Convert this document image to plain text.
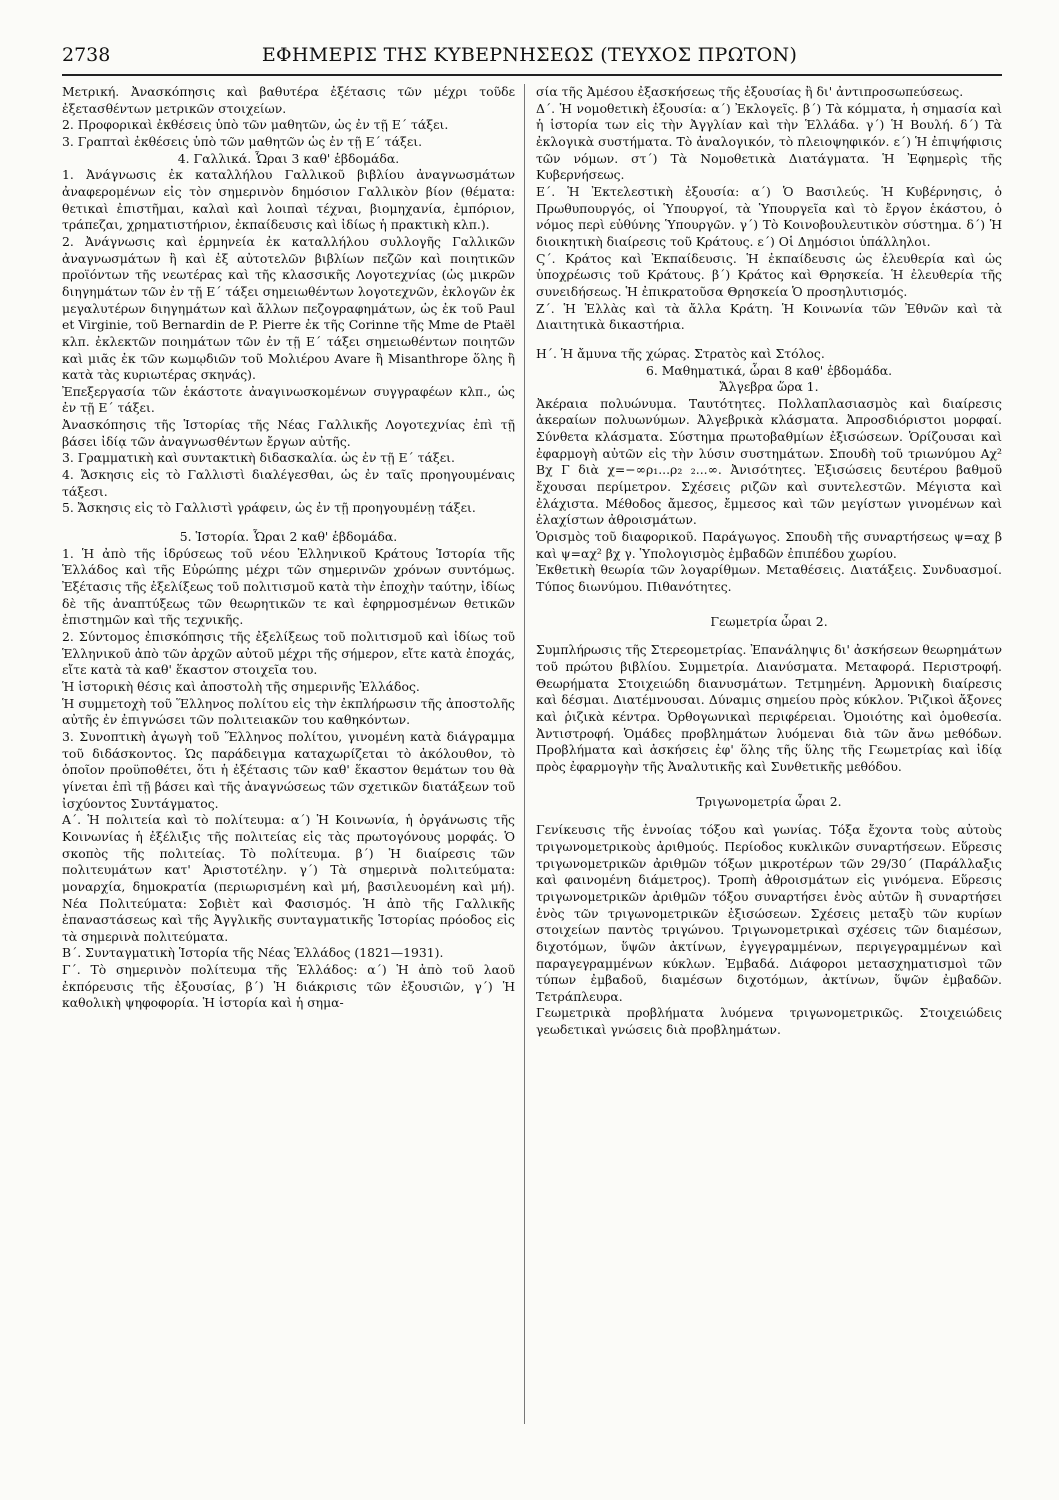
2738	ΕΦΗΜΕΡΙΣ ΤΗΣ ΚΥΒΕΡΝΗΣΕΩΣ (ΤΕΥΧΟΣ ΠΡΩΤΟΝ)

Μετρική. Ἀνασκόπησις καὶ βαθυτέρα ἐξέτασις τῶν μέχρι τοῦδε ἐξετασθέντων μετρικῶν στοιχείων.

2. Προφορικαὶ ἐκθέσεις ὑπὸ τῶν μαθητῶν, ὡς ἐν τῇ Ε΄ τάξει.

3. Γραπταὶ ἐκθέσεις ὑπὸ τῶν μαθητῶν ὡς ἐν τῇ Ε΄ τάξει.

4. Γαλλικά. Ὧραι 3 καθ' ἑβδομάδα.

1. Ἀνάγνωσις ἐκ καταλλήλου Γαλλικοῦ βιβλίου ἀναγνωσμάτων ἀναφερομένων εἰς τὸν σημερινὸν δημόσιον Γαλλικὸν βίον (θέματα: θετικαὶ ἐπιστῆμαι, καλαὶ καὶ λοιπαὶ τέχναι, βιομηχανία, ἐμπόριον, τράπεζαι, χρηματιστήριον, ἐκπαίδευσις καὶ ἰδίως ἡ πρακτικὴ κλπ.).

2. Ἀνάγνωσις καὶ ἑρμηνεία ἐκ καταλλήλου συλλογῆς Γαλλικῶν ἀναγνωσμάτων ἢ καὶ ἐξ αὐτοτελῶν βιβλίων πεζῶν καὶ ποιητικῶν προϊόντων τῆς νεωτέρας καὶ τῆς κλασσικῆς Λογοτεχνίας (ὡς μικρῶν διηγημάτων τῶν ἐν τῇ Ε΄ τάξει σημειωθέντων λογοτεχνῶν, ἐκλογῶν ἐκ μεγαλυτέρων διηγημάτων καὶ ἄλλων πεζογραφημάτων, ὡς ἐκ τοῦ Paul et Virginie, τοῦ Bernardin de P. Pierre ἐκ τῆς Corinne τῆς Mme de Ptaël κλπ. ἐκλεκτῶν ποιημάτων τῶν ἐν τῇ Ε΄ τάξει σημειωθέντων ποιητῶν καὶ μιᾶς ἐκ τῶν κωμῳδιῶν τοῦ Μολιέρου Avare ἢ Misanthrope ὅλης ἢ κατὰ τὰς κυριωτέρας σκηνάς).

Ἐπεξεργασία τῶν ἑκάστοτε ἀναγινωσκομένων συγγραφέων κλπ., ὡς ἐν τῇ Ε΄ τάξει.

Ἀνασκόπησις τῆς Ἱστορίας τῆς Νέας Γαλλικῆς Λογοτεχνίας ἐπὶ τῇ βάσει ἰδίᾳ τῶν ἀναγνωσθέντων ἔργων αὐτῆς.

3. Γραμματικὴ καὶ συντακτικὴ διδασκαλία. ὡς ἐν τῇ Ε΄ τάξει.

4. Ἄσκησις εἰς τὸ Γαλλιστὶ διαλέγεσθαι, ὡς ἐν ταῖς προηγουμέναις τάξεσι.

5. Ἄσκησις εἰς τὸ Γαλλιστὶ γράφειν, ὡς ἐν τῇ προηγουμένῃ τάξει.

5. Ἱστορία. Ὧραι 2 καθ' ἑβδομάδα.

1. Ἡ ἀπὸ τῆς ἱδρύσεως τοῦ νέου Ἑλληνικοῦ Κράτους Ἱστορία τῆς Ἑλλάδος καὶ τῆς Εὐρώπης μέχρι τῶν σημερινῶν χρόνων συντόμως. Ἐξέτασις τῆς ἐξελίξεως τοῦ πολιτισμοῦ κατὰ τὴν ἐποχὴν ταύτην, ἰδίως δὲ τῆς ἀναπτύξεως τῶν θεωρητικῶν τε καὶ ἐφηρμοσμένων θετικῶν ἐπιστημῶν καὶ τῆς τεχνικῆς.

2. Σύντομος ἐπισκόπησις τῆς ἐξελίξεως τοῦ πολιτισμοῦ καὶ ἰδίως τοῦ Ἑλληνικοῦ ἀπὸ τῶν ἀρχῶν αὐτοῦ μέχρι τῆς σήμερον, εἴτε κατὰ ἐποχάς, εἴτε κατὰ τὰ καθ' ἕκαστον στοιχεῖα του.

Ἡ ἱστορικὴ θέσις καὶ ἀποστολὴ τῆς σημερινῆς Ἑλλάδος.

Ἡ συμμετοχὴ τοῦ Ἕλληνος πολίτου εἰς τὴν ἐκπλήρωσιν τῆς ἀποστολῆς αὐτῆς ἐν ἐπιγνώσει τῶν πολιτειακῶν του καθηκόντων.

3. Συνοπτικὴ ἀγωγὴ τοῦ Ἕλληνος πολίτου, γινομένη κατὰ διάγραμμα τοῦ διδάσκοντος. Ὡς παράδειγμα καταχωρίζεται τὸ ἀκόλουθον, τὸ ὁποῖον προϋποθέτει, ὅτι ἡ ἐξέτασις τῶν καθ' ἕκαστον θεμάτων του θὰ γίνεται ἐπὶ τῇ βάσει καὶ τῆς ἀναγνώσεως τῶν σχετικῶν διατάξεων τοῦ ἰσχύοντος Συντάγματος.

Α΄. Ἡ πολιτεία καὶ τὸ πολίτευμα: α΄) Ἡ Κοινωνία, ἡ ὀργάνωσις τῆς Κοινωνίας ἡ ἐξέλιξις τῆς πολιτείας εἰς τὰς πρωτογόνους μορφάς. Ὁ σκοπὸς τῆς πολιτείας. Τὸ πολίτευμα. β΄) Ἡ διαίρεσις τῶν πολιτευμάτων κατ' Ἀριστοτέλην. γ΄) Τὰ σημερινὰ πολιτεύματα: μοναρχία, δημοκρατία (περιωρισμένη καὶ μή, βασιλευομένη καὶ μή). Νέα Πολιτεύματα: Σοβιὲτ καὶ Φασισμός. Ἡ ἀπὸ τῆς Γαλλικῆς ἐπαναστάσεως καὶ τῆς Ἀγγλικῆς συνταγματικῆς Ἱστορίας πρόοδος εἰς τὰ σημερινὰ πολιτεύματα.

Β΄. Συνταγματικὴ Ἱστορία τῆς Νέας Ἑλλάδος (1821—1931).

Γ΄. Τὸ σημερινὸν πολίτευμα τῆς Ἑλλάδος: α΄) Ἡ ἀπὸ τοῦ λαοῦ ἐκπόρευσις τῆς ἐξουσίας, β΄) Ἡ διάκρισις τῶν ἐξουσιῶν, γ΄) Ἡ καθολικὴ ψηφοφορία. Ἡ ἱστορία καὶ ἡ σημα-

σία τῆς Ἀμέσου ἐξασκήσεως τῆς ἐξουσίας ἢ δι' ἀντιπροσωπεύσεως.

Δ΄. Ἡ νομοθετικὴ ἐξουσία: α΄) Ἐκλογεῖς. β΄) Τὰ κόμματα, ἡ σημασία καὶ ἡ ἱστορία των εἰς τὴν Ἀγγλίαν καὶ τὴν Ἑλλάδα. γ΄) Ἡ Βουλή. δ΄) Τὰ ἐκλογικὰ συστήματα. Τὸ ἀναλογικόν, τὸ πλειοψηφικόν. ε΄) Ἡ ἐπιψήφισις τῶν νόμων. στ΄) Τὰ Νομοθετικὰ Διατάγματα. Ἡ Ἐφημερὶς τῆς Κυβερνήσεως.

Ε΄. Ἡ Ἐκτελεστικὴ ἐξουσία: α΄) Ὁ Βασιλεύς. Ἡ Κυβέρνησις, ὁ Πρωθυπουργός, οἱ Ὑπουργοί, τὰ Ὑπουργεῖα καὶ τὸ ἔργον ἑκάστου, ὁ νόμος περὶ εὐθύνης Ὑπουργῶν. γ΄) Τὸ Κοινοβουλευτικὸν σύστημα. δ΄) Ἡ διοικητικὴ διαίρεσις τοῦ Κράτους. ε΄) Οἱ Δημόσιοι ὑπάλληλοι.

Ϛ΄. Κράτος καὶ Ἐκπαίδευσις. Ἡ ἐκπαίδευσις ὡς ἐλευθερία καὶ ὡς ὑποχρέωσις τοῦ Κράτους. β΄) Κράτος καὶ Θρησκεία. Ἡ ἐλευθερία τῆς συνειδήσεως. Ἡ ἐπικρατοῦσα Θρησκεία Ὁ προσηλυτισμός.

Ζ΄. Ἡ Ἑλλὰς καὶ τὰ ἄλλα Κράτη. Ἡ Κοινωνία τῶν Ἐθνῶν καὶ τὰ Διαιτητικὰ δικαστήρια.

Η΄. Ἡ ἄμυνα τῆς χώρας. Στρατὸς καὶ Στόλος.

6. Μαθηματικά, ὧραι 8 καθ' ἑβδομάδα.

Ἄλγεβρα ὥρα 1.

Ἀκέραια πολυώνυμα. Ταυτότητες. Πολλαπλασιασμὸς καὶ διαίρεσις ἀκεραίων πολυωνύμων. Ἀλγεβρικὰ κλάσματα. Ἀπροσδιόριστοι μορφαί. Σύνθετα κλάσματα. Σύστημα πρωτοβαθμίων ἐξισώσεων. Ὁρίζουσαι καὶ ἐφαρμογὴ αὐτῶν εἰς τὴν λύσιν συστημάτων. Σπουδὴ τοῦ τριωνύμου Αχ² Βχ Γ διὰ χ=−∞ρ₁...ρ₂ ₂...∞. Ἀνισότητες. Ἐξισώσεις δευτέρου βαθμοῦ ἔχουσαι περίμετρον. Σχέσεις ριζῶν καὶ συντελεστῶν. Μέγιστα καὶ ἐλάχιστα. Μέθοδος ἄμεσος, ἔμμεσος καὶ τῶν μεγίστων γινομένων καὶ ἐλαχίστων ἀθροισμάτων.

Ὁρισμὸς τοῦ διαφορικοῦ. Παράγωγος. Σπουδὴ τῆς συναρτήσεως ψ=αχ β καὶ ψ=αχ² βχ γ. Ὑπολογισμὸς ἐμβαδῶν ἐπιπέδου χωρίου.

Ἐκθετικὴ θεωρία τῶν λογαρίθμων. Μεταθέσεις. Διατάξεις. Συνδυασμοί. Τύπος διωνύμου. Πιθανότητες.

Γεωμετρία ὧραι 2.

Συμπλήρωσις τῆς Στερεομετρίας. Ἐπανάληψις δι' ἀσκήσεων θεωρημάτων τοῦ πρώτου βιβλίου. Συμμετρία. Διανύσματα. Μεταφορά. Περιστροφή. Θεωρήματα Στοιχειώδη διανυσμάτων. Τετμημένη. Ἁρμονικὴ διαίρεσις καὶ δέσμαι. Διατέμνουσαι. Δύναμις σημείου πρὸς κύκλον. Ῥιζικοὶ ἄξονες καὶ ῥιζικὰ κέντρα. Ὀρθογωνικαὶ περιφέρειαι. Ὁμοιότης καὶ ὁμοθεσία. Ἀντιστροφή. Ὁμάδες προβλημάτων λυόμεναι διὰ τῶν ἄνω μεθόδων. Προβλήματα καὶ ἀσκήσεις ἐφ' ὅλης τῆς ὕλης τῆς Γεωμετρίας καὶ ἰδίᾳ πρὸς ἐφαρμογὴν τῆς Ἀναλυτικῆς καὶ Συνθετικῆς μεθόδου.

Τριγωνομετρία ὧραι 2.

Γενίκευσις τῆς ἐννοίας τόξου καὶ γωνίας. Τόξα ἔχοντα τοὺς αὐτοὺς τριγωνομετρικοὺς ἀριθμούς. Περίοδος κυκλικῶν συναρτήσεων. Εὕρεσις τριγωνομετρικῶν ἀριθμῶν τόξων μικροτέρων τῶν 29/30΄ (Παράλλαξις καὶ φαινομένη διάμετρος). Τροπὴ ἀθροισμάτων εἰς γινόμενα. Εὕρεσις τριγωνομετρικῶν ἀριθμῶν τόξου συναρτήσει ἑνὸς αὐτῶν ἢ συναρτήσει ἑνὸς τῶν τριγωνομετρικῶν ἐξισώσεων. Σχέσεις μεταξὺ τῶν κυρίων στοιχείων παντὸς τριγώνου. Τριγωνομετρικαὶ σχέσεις τῶν διαμέσων, διχοτόμων, ὕψῶν ἀκτίνων, ἐγγεγραμμένων, περιγεγραμμένων καὶ παραγεγραμμένων κύκλων. Ἐμβαδά. Διάφοροι μετασχηματισμοὶ τῶν τύπων ἐμβαδοῦ, διαμέσων διχοτόμων, ἀκτίνων, ὕψῶν ἐμβαδῶν. Τετράπλευρα.

Γεωμετρικὰ προβλήματα λυόμενα τριγωνομετρικῶς. Στοιχειώδεις γεωδετικαὶ γνώσεις διὰ προβλημάτων.
